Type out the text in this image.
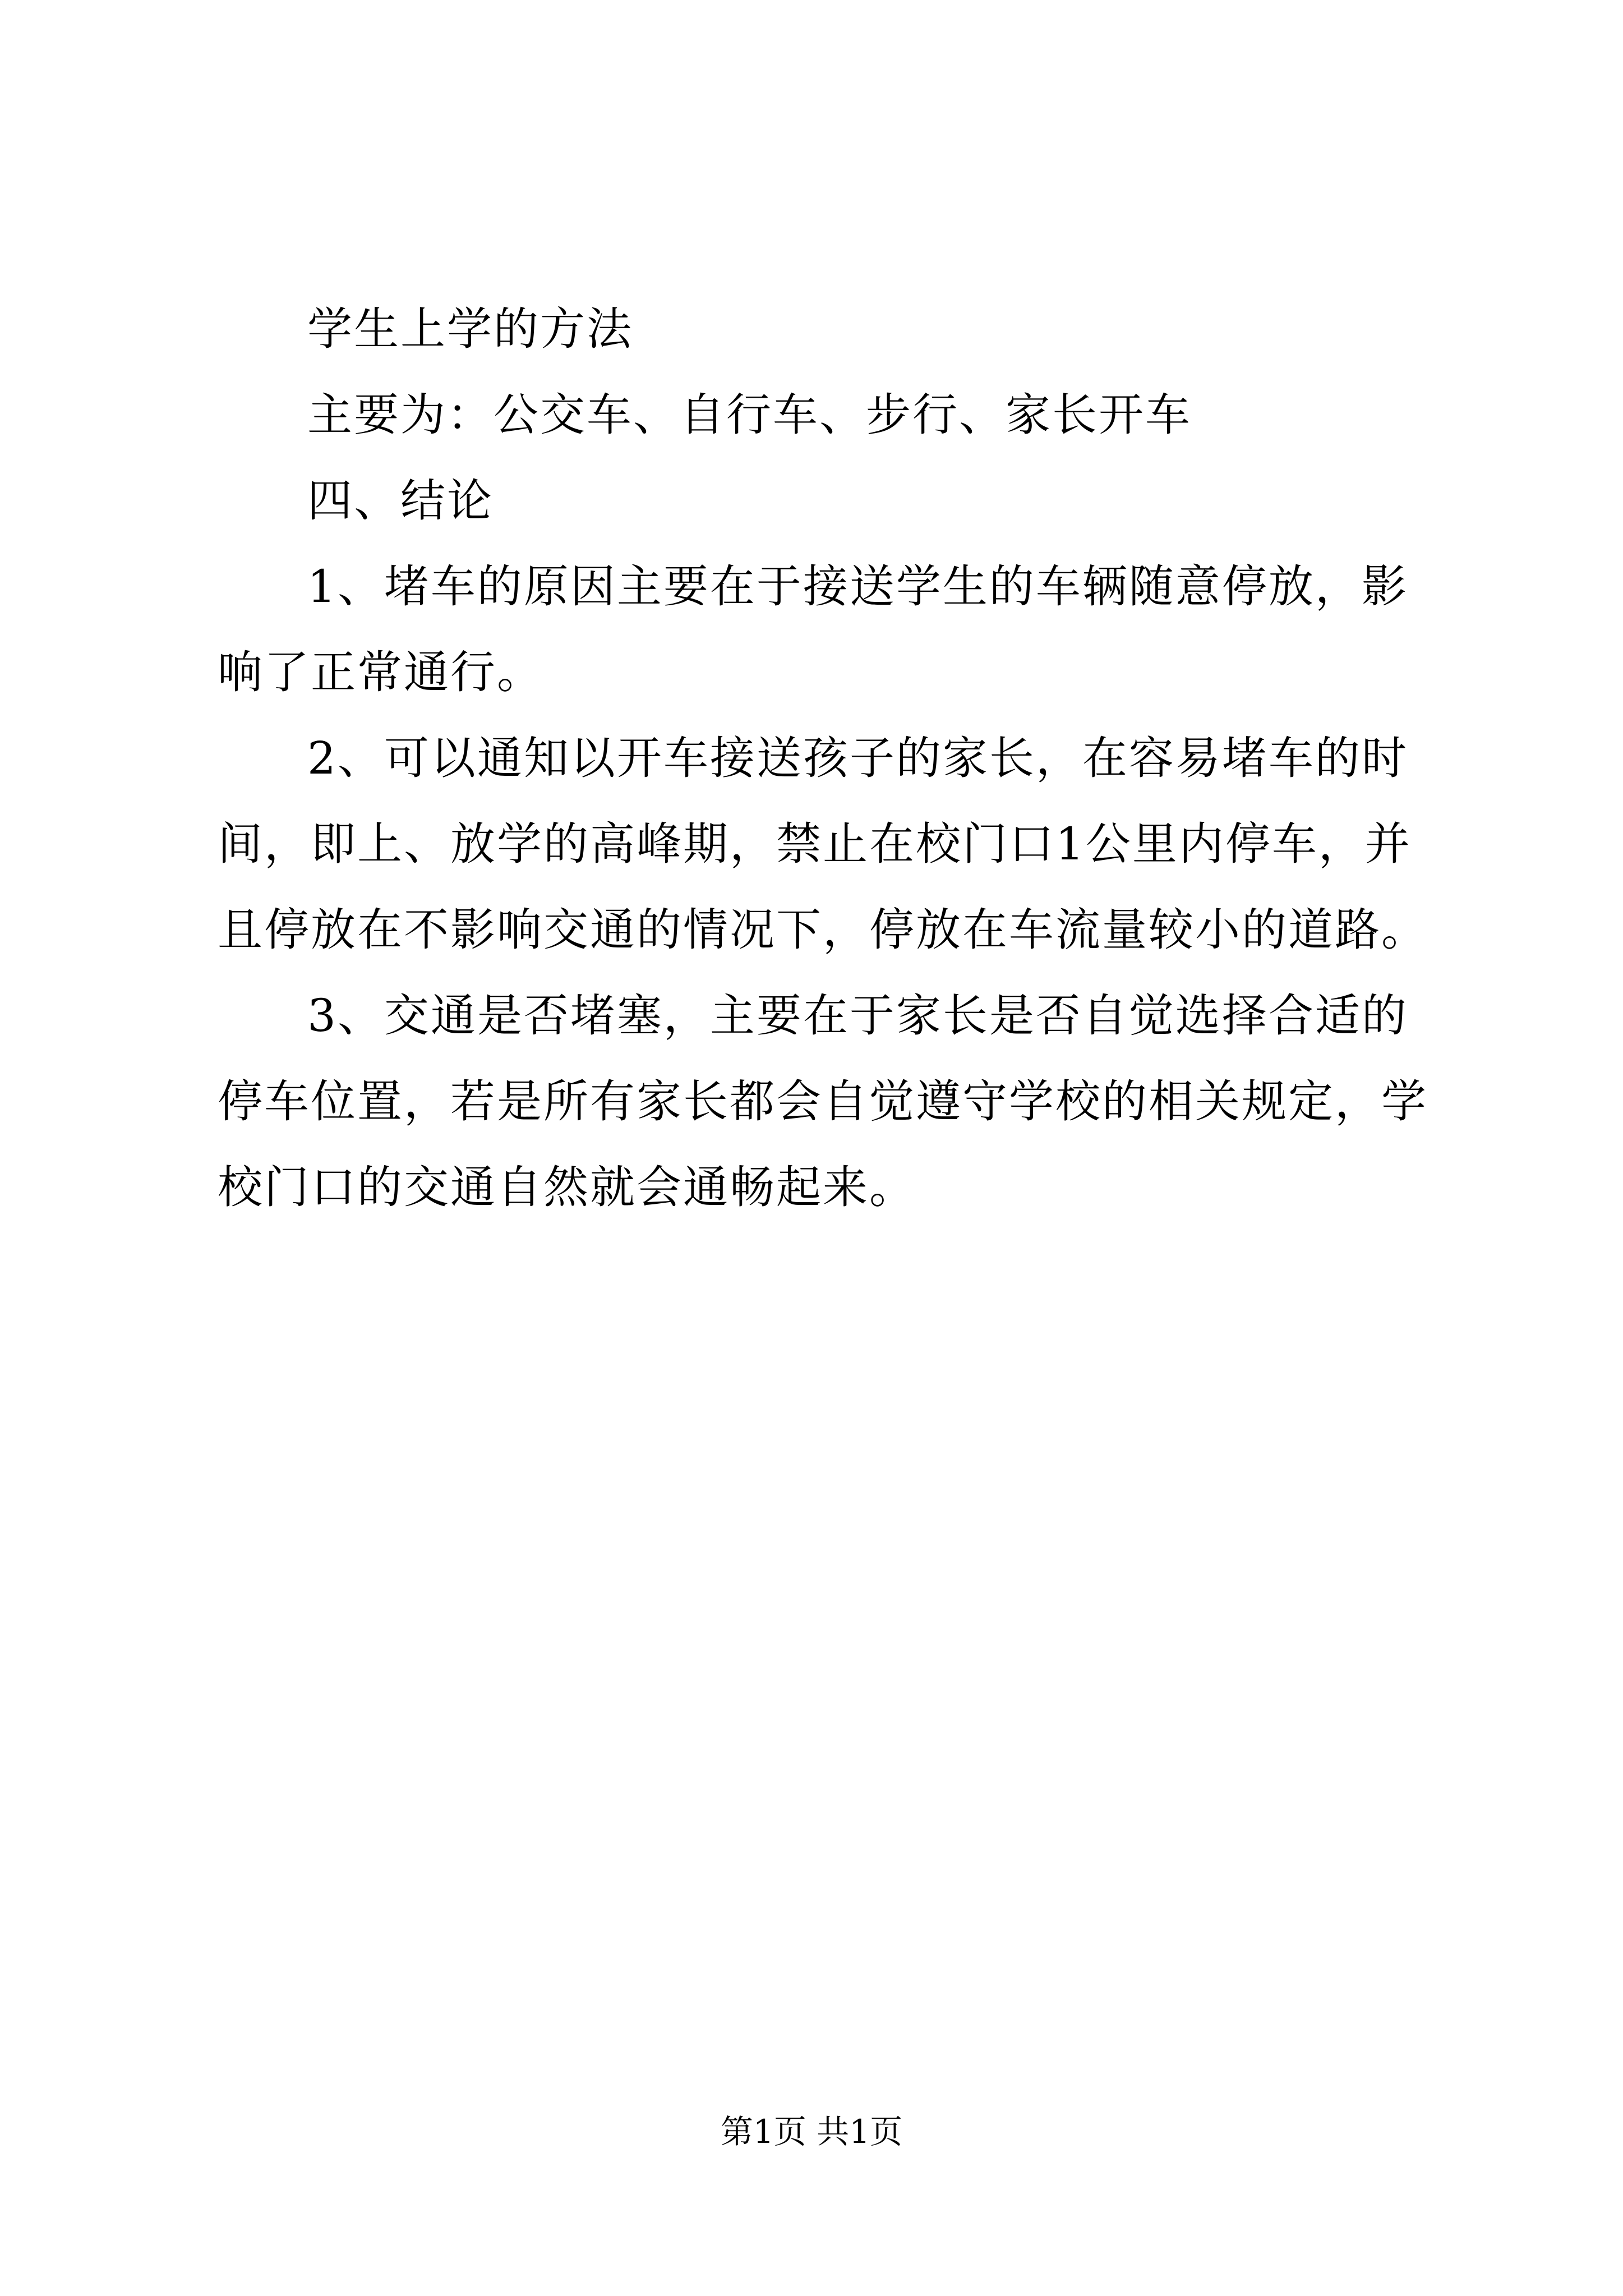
学生上学的方法

主要为：公交车、自行车、步行、家长开车

四、结论

1、堵车的原因主要在于接送学生的车辆随意停放，影响了正常通行。

2、可以通知以开车接送孩子的家长，在容易堵车的时间，即上、放学的高峰期，禁止在校门口1公里内停车，并且停放在不影响交通的情况下，停放在车流量较小的道路。

3、交通是否堵塞，主要在于家长是否自觉选择合适的停车位置，若是所有家长都会自觉遵守学校的相关规定，学校门口的交通自然就会通畅起来。

第1页 共1页
